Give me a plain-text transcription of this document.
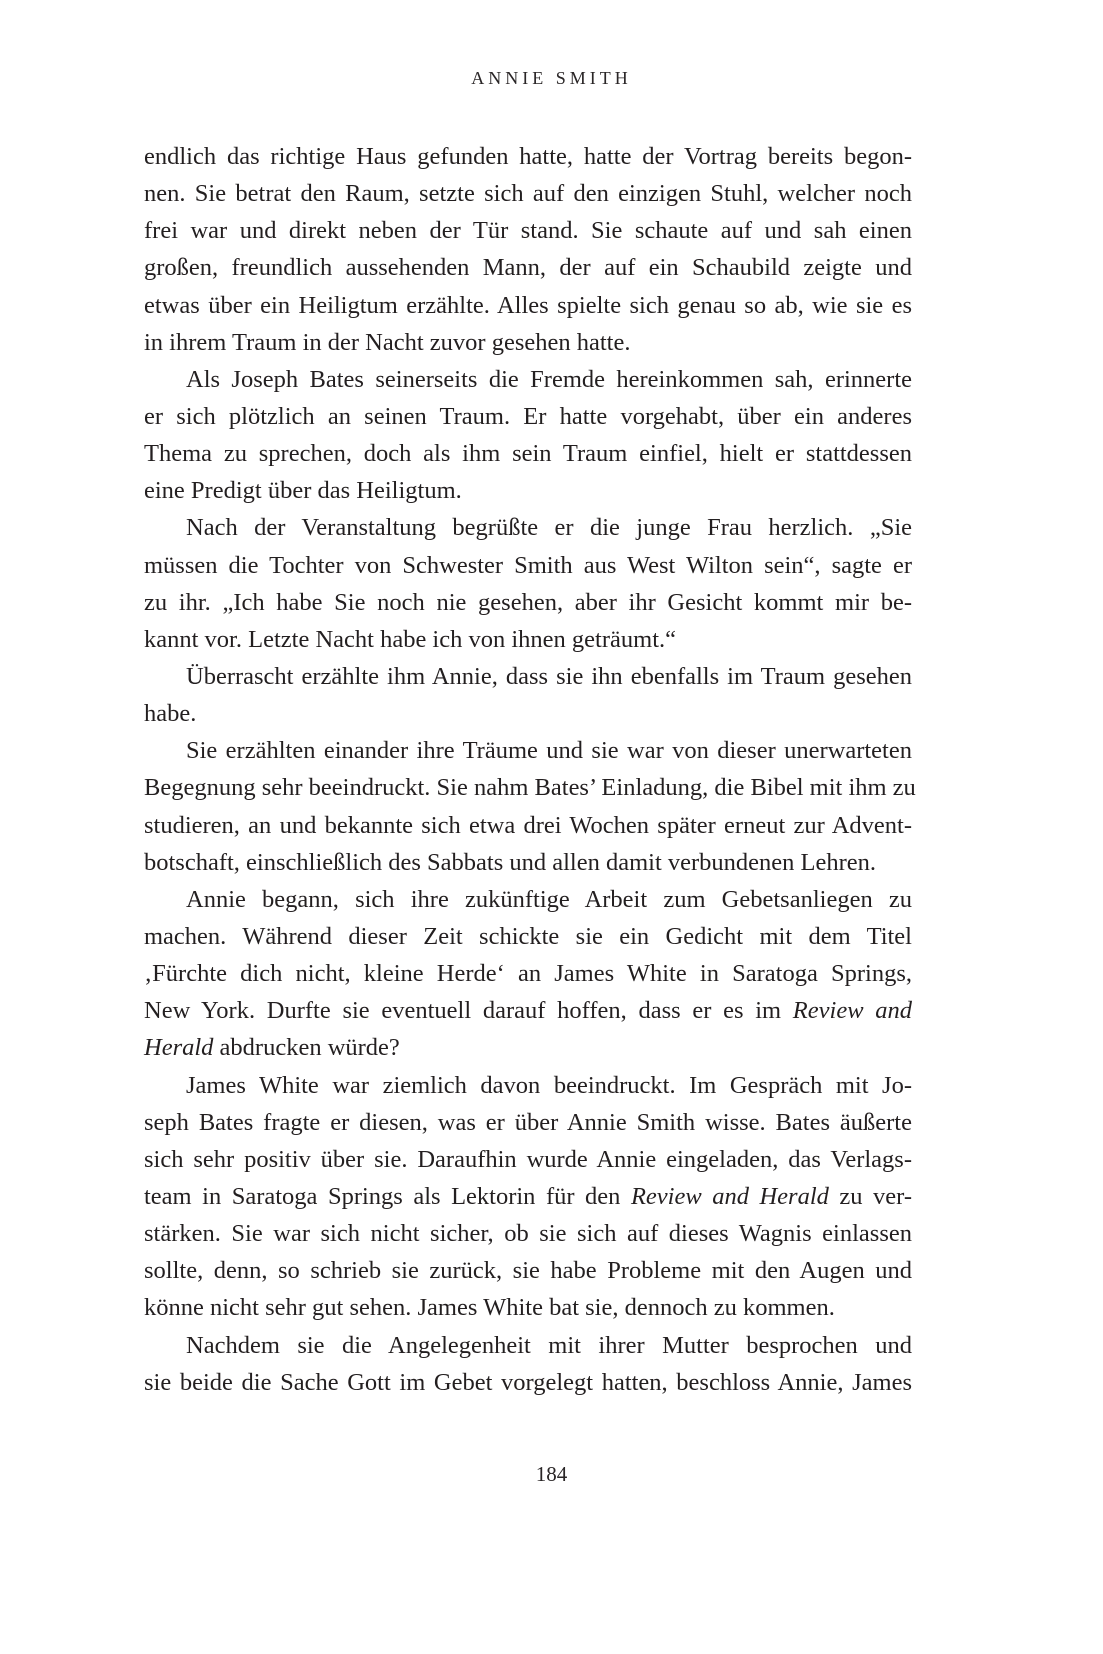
ANNIE SMITH
endlich das richtige Haus gefunden hatte, hatte der Vortrag bereits begon-
nen. Sie betrat den Raum, setzte sich auf den einzigen Stuhl, welcher noch
frei war und direkt neben der Tür stand. Sie schaute auf und sah einen
großen, freundlich aussehenden Mann, der auf ein Schaubild zeigte und
etwas über ein Heiligtum erzählte. Alles spielte sich genau so ab, wie sie es
in ihrem Traum in der Nacht zuvor gesehen hatte.
Als Joseph Bates seinerseits die Fremde hereinkommen sah, erinnerte
er sich plötzlich an seinen Traum. Er hatte vorgehabt, über ein anderes
Thema zu sprechen, doch als ihm sein Traum einfiel, hielt er stattdessen
eine Predigt über das Heiligtum.
Nach der Veranstaltung begrüßte er die junge Frau herzlich. „Sie
müssen die Tochter von Schwester Smith aus West Wilton sein“, sagte er
zu ihr. „Ich habe Sie noch nie gesehen, aber ihr Gesicht kommt mir be-
kannt vor. Letzte Nacht habe ich von ihnen geträumt.“
Überrascht erzählte ihm Annie, dass sie ihn ebenfalls im Traum gesehen
habe.
Sie erzählten einander ihre Träume und sie war von dieser unerwarteten
Begegnung sehr beeindruckt. Sie nahm Bates’ Einladung, die Bibel mit ihm zu
studieren, an und bekannte sich etwa drei Wochen später erneut zur Advent-
botschaft, einschließlich des Sabbats und allen damit verbundenen Lehren.
Annie begann, sich ihre zukünftige Arbeit zum Gebetsanliegen zu
machen. Während dieser Zeit schickte sie ein Gedicht mit dem Titel
‚Fürchte dich nicht, kleine Herde‘ an James White in Saratoga Springs,
New York. Durfte sie eventuell darauf hoffen, dass er es im Review and
Herald abdrucken würde?
James White war ziemlich davon beeindruckt. Im Gespräch mit Jo-
seph Bates fragte er diesen, was er über Annie Smith wisse. Bates äußerte
sich sehr positiv über sie. Daraufhin wurde Annie eingeladen, das Verlags-
team in Saratoga Springs als Lektorin für den Review and Herald zu ver-
stärken. Sie war sich nicht sicher, ob sie sich auf dieses Wagnis einlassen
sollte, denn, so schrieb sie zurück, sie habe Probleme mit den Augen und
könne nicht sehr gut sehen. James White bat sie, dennoch zu kommen.
Nachdem sie die Angelegenheit mit ihrer Mutter besprochen und
sie beide die Sache Gott im Gebet vorgelegt hatten, beschloss Annie, James
184
